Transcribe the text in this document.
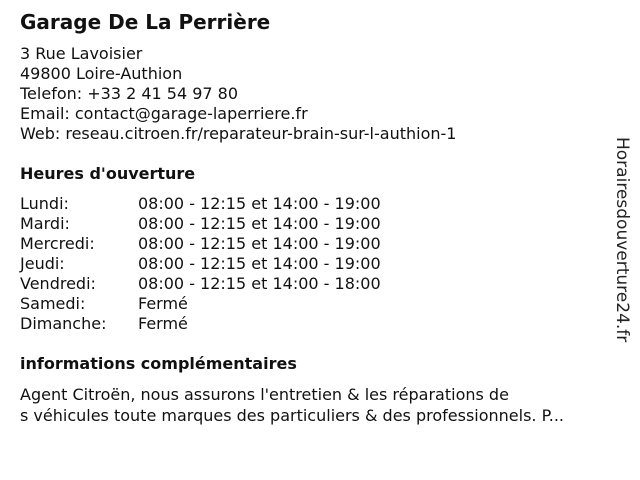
Garage De La Perrière
3 Rue Lavoisier
49800 Loire-Authion
Telefon: +33 2 41 54 97 80
Email: contact@garage-laperriere.fr
Web: reseau.citroen.fr/reparateur-brain-sur-l-authion-1
Heures d'ouverture
Lundi:	08:00 - 12:15 et 14:00 - 19:00
Mardi:	08:00 - 12:15 et 14:00 - 19:00
Mercredi:	08:00 - 12:15 et 14:00 - 19:00
Jeudi:	08:00 - 12:15 et 14:00 - 19:00
Vendredi:	08:00 - 12:15 et 14:00 - 18:00
Samedi:	Fermé
Dimanche: Fermé
informations complémentaires
Agent Citroën, nous assurons l'entretien & les réparations de
s véhicules toute marques des particuliers & des professionnels. P...
Horairesdouverture24.fr
